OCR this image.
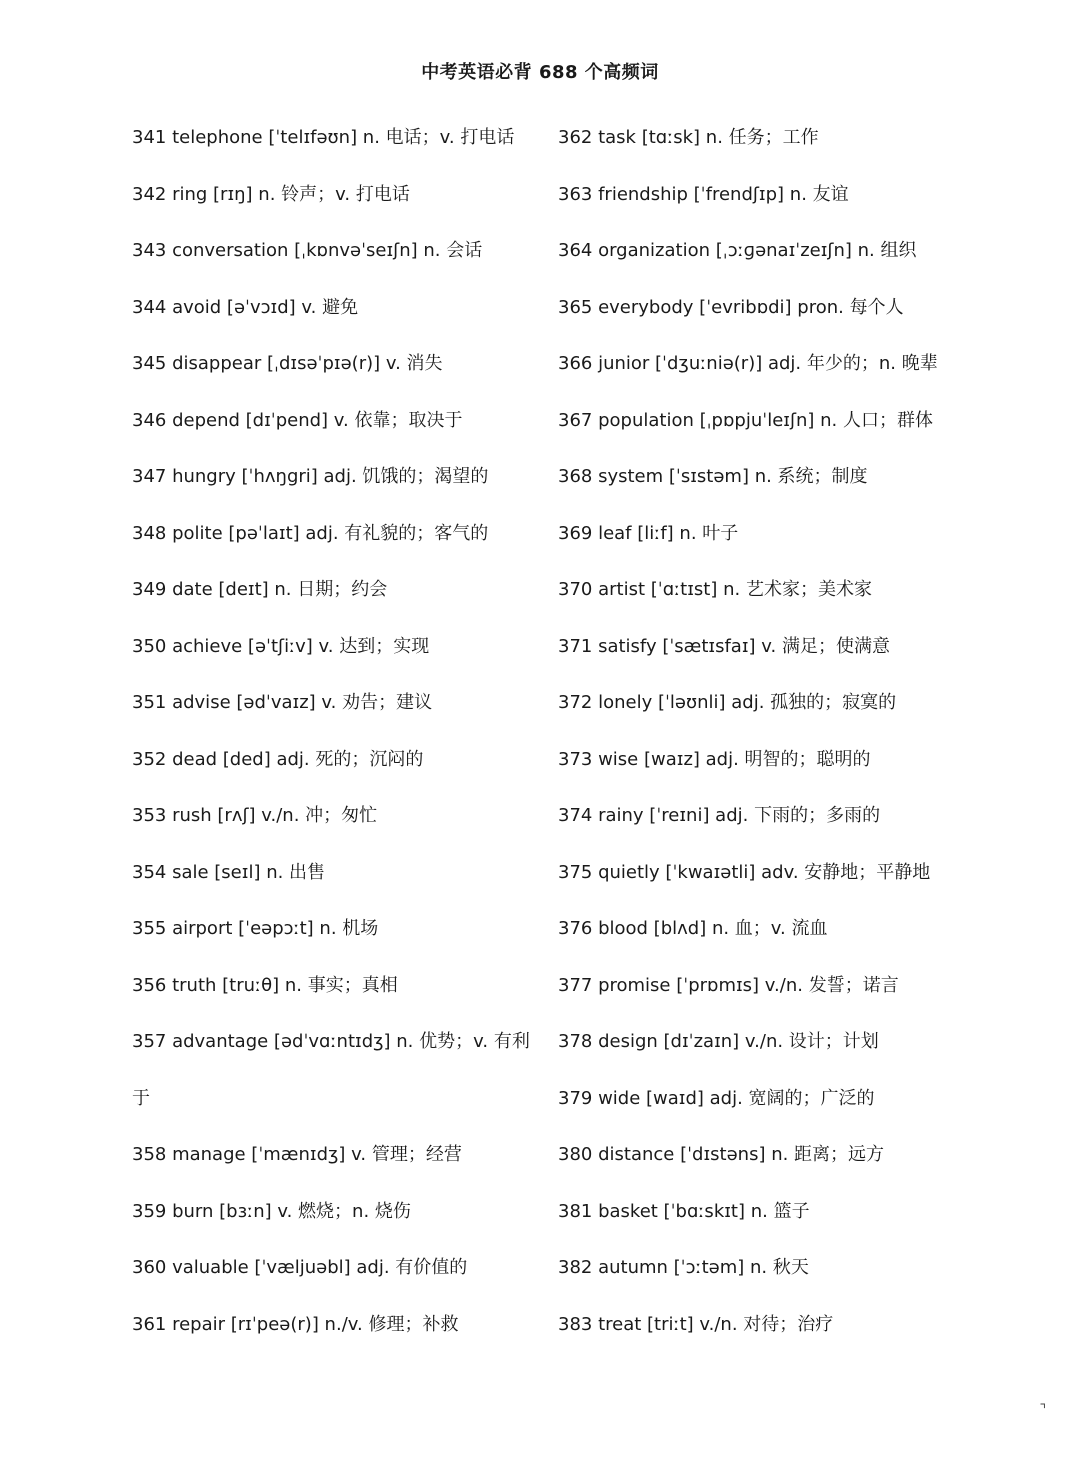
中考英语必背 688 个高频词
341 telephone [ˈtelɪfəʊn] n. 电话；v. 打电话
342 ring [rɪŋ] n. 铃声；v. 打电话
343 conversation [ˌkɒnvəˈseɪʃn] n. 会话
344 avoid [əˈvɔɪd] v. 避免
345 disappear [ˌdɪsəˈpɪə(r)] v. 消失
346 depend [dɪˈpend] v. 依靠；取决于
347 hungry [ˈhʌŋgri] adj. 饥饿的；渴望的
348 polite [pəˈlaɪt] adj. 有礼貌的；客气的
349 date [deɪt] n. 日期；约会
350 achieve [əˈtʃiːv] v. 达到；实现
351 advise [ədˈvaɪz] v. 劝告；建议
352 dead [ded] adj. 死的；沉闷的
353 rush [rʌʃ] v./n. 冲；匆忙
354 sale [seɪl] n. 出售
355 airport [ˈeəpɔːt] n. 机场
356 truth [truːθ] n. 事实；真相
357 advantage [ədˈvɑːntɪdʒ] n. 优势；v. 有利
于
358 manage [ˈmænɪdʒ] v. 管理；经营
359 burn [bɜːn] v. 燃烧；n. 烧伤
360 valuable [ˈvæljuəbl] adj. 有价值的
361 repair [rɪˈpeə(r)] n./v. 修理；补救
362 task [tɑːsk] n. 任务；工作
363 friendship [ˈfrendʃɪp] n. 友谊
364 organization [ˌɔːɡənaɪˈzeɪʃn] n. 组织
365 everybody [ˈevribɒdi] pron. 每个人
366 junior [ˈdʒuːniə(r)] adj. 年少的；n. 晚辈
367 population [ˌpɒpjuˈleɪʃn] n. 人口；群体
368 system [ˈsɪstəm] n. 系统；制度
369 leaf [liːf] n. 叶子
370 artist [ˈɑːtɪst] n. 艺术家；美术家
371 satisfy [ˈsætɪsfaɪ] v. 满足；使满意
372 lonely [ˈləʊnli] adj. 孤独的；寂寞的
373 wise [waɪz] adj. 明智的；聪明的
374 rainy [ˈreɪni] adj. 下雨的；多雨的
375 quietly [ˈkwaɪətli] adv. 安静地；平静地
376 blood [blʌd] n. 血；v. 流血
377 promise [ˈprɒmɪs] v./n. 发誓；诺言
378 design [dɪˈzaɪn] v./n. 设计；计划
379 wide [waɪd] adj. 宽阔的；广泛的
380 distance [ˈdɪstəns] n. 距离；远方
381 basket [ˈbɑːskɪt] n. 篮子
382 autumn [ˈɔːtəm] n. 秋天
383 treat [triːt] v./n. 对待；治疗
⌝
